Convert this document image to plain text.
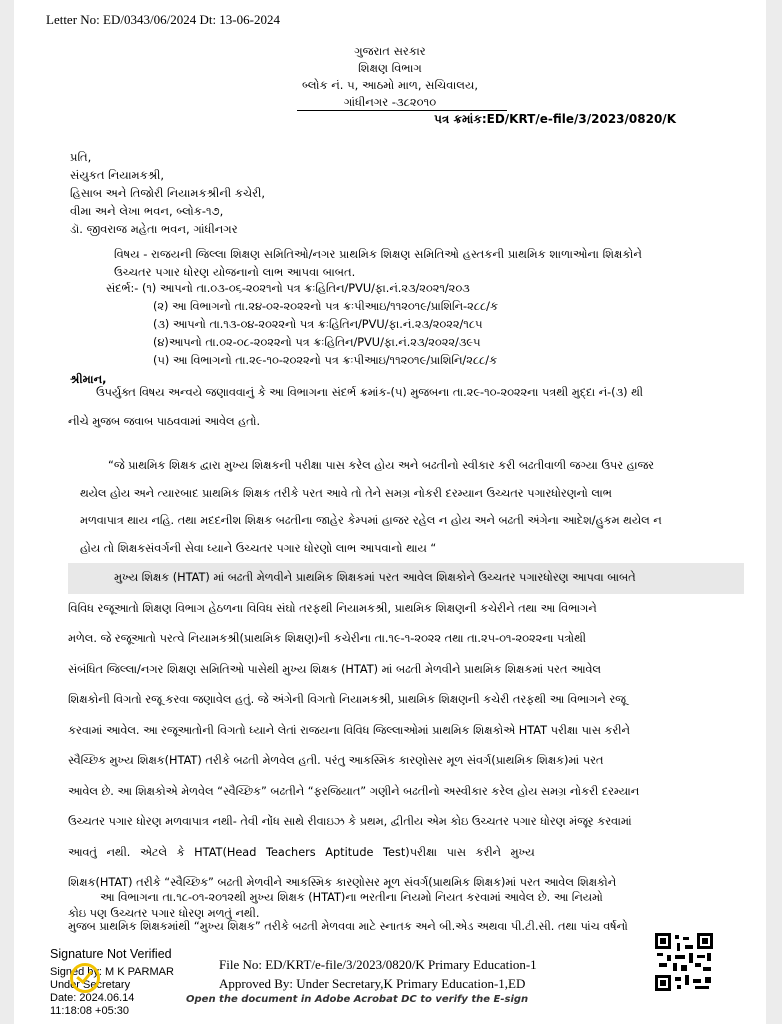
Letter No: ED/0343/06/2024 Dt: 13-06-2024
ગુજરાત સરકાર
શિક્ષણ વિભાગ
બ્લોક નં. ૫, આઠમો માળ, સચિવાલય,
ગાંધીનગર -૩૮૨૦૧૦
પત્ર ક્રમાંક:ED/KRT/e-file/3/2023/0820/K
પ્રતિ,
સંયુકત નિયામકશ્રી,
હિસાબ અને તિજોરી નિયામકશ્રીની કચેરી,
વીમા અને લેખા ભવન, બ્લોક-૧૭,
ડૉ. જીવરાજ મહેતા ભવન, ગાંધીનગર
વિષય - રાજયની જિલ્લા શિક્ષણ સમિતિઓ/નગર પ્રાથમિક શિક્ષણ સમિતિઓ હસ્તકની પ્રાથમિક શાળાઓના શિક્ષકોને
ઉચ્ચતર પગાર ધોરણ યોજનાનો લાભ આપવા બાબત.
સંદર્ભ:- (૧) આપનો તા.૦૩-૦૬-૨૦૨૧નો પત્ર ક્રઃહિતિન/PVU/ફા.નં.૨૩/૨૦૨૧/૨૦૩
(૨) આ વિભાગનો તા.૨૪-૦૨-૨૦૨૨નો પત્ર ક્રઃપીઆઇ/૧૧૨૦૧૯/પ્રાશિનિ-૨૮૮/ક
(૩) આપનો તા.૧૩-૦૪-૨૦૨૨નો પત્ર ક્રઃહિતિન/PVU/ફા.નં.૨૩/૨૦૨૨/૧૮૫
(૪)આપનો તા.૦૨-૦૮-૨૦૨૨નો પત્ર ક્રઃહિતિન/PVU/ફા.નં.૨૩/૨૦૨૨/૩૯૫
(૫) આ વિભાગનો તા.૨૯-૧૦-૨૦૨૨નો પત્ર ક્રઃપીઆઇ/૧૧૨૦૧૯/પ્રાશિનિ/૨૮૮/ક
શ્રીમાન,
ઉપર્યુક્ત વિષય અન્વયે જણાવવાનું કે આ વિભાગના સંદર્ભ ક્રમાંક-(૫) મુજબના તા.૨૯-૧૦-૨૦૨૨ના પત્રથી મુદ્દા નં-(૩) થી
નીચે મુજબ જવાબ પાઠવવામાં આવેલ હતો.
“જે પ્રાથમિક શિક્ષક દ્વારા મુખ્ય શિક્ષકની પરીક્ષા પાસ કરેલ હોય અને બઢતીનો સ્વીકાર કરી બઢતીવાળી જગ્યા ઉપર હાજર
થયેલ હોય અને ત્યારબાદ પ્રાથમિક શિક્ષક તરીકે પરત આવે તો તેને સમગ્ર નોકરી દરમ્યાન ઉચ્ચતર પગારધોરણનો લાભ
મળવાપાત્ર થાય નહિ. તથા મદદનીશ શિક્ષક બઢતીના જાહેર કેમ્પમાં હાજર રહેલ ન હોય અને બઢતી અંગેના આદેશ/હુકમ થયેલ ન
હોય તો શિક્ષકસંવર્ગની સેવા ધ્યાને ઉચ્ચતર પગાર ધોરણો લાભ આપવાનો થાય “
મુખ્ય શિક્ષક (HTAT) માં બઢતી મેળવીને પ્રાથમિક શિક્ષકમાં પરત આવેલ શિક્ષકોને ઉચ્ચતર પગારધોરણ આપવા બાબતે
વિવિધ રજૂઆતો શિક્ષણ વિભાગ હેઠળના વિવિધ સંઘો તરફથી નિયામકશ્રી, પ્રાથમિક શિક્ષણની કચેરીને તથા આ વિભાગને
મળેલ. જે રજૂઆતો પરત્વે નિયામકશ્રી(પ્રાથમિક શિક્ષણ)ની કચેરીના તા.૧૯-૧-૨૦૨૨ તથા તા.૨૫-૦૧-૨૦૨૨ના પત્રોથી
સંબંધિત જિલ્લા/નગર શિક્ષણ સમિતિઓ પાસેથી મુખ્ય શિક્ષક (HTAT) માં બઢતી મેળવીને પ્રાથમિક શિક્ષકમાં પરત આવેલ
શિક્ષકોની વિગતો રજૂ કરવા જણાવેલ હતું. જે અંગેની વિગતો નિયામકશ્રી, પ્રાથમિક શિક્ષણની કચેરી તરફથી આ વિભાગને રજૂ
કરવામાં આવેલ. આ રજૂઆતોની વિગતો ધ્યાને લેતાં રાજયના વિવિધ જિલ્લાઓમાં પ્રાથમિક શિક્ષકોએ HTAT પરીક્ષા પાસ કરીને
સ્વૈચ્છિક મુખ્ય શિક્ષક(HTAT) તરીકે બઢતી મેળવેલ હતી. પરંતુ આકસ્મિક કારણોસર મૂળ સંવર્ગ(પ્રાથમિક શિક્ષક)માં પરત
આવેલ છે. આ શિક્ષકોએ મેળવેલ “સ્વૈચ્છિક” બઢતીને “ફરજિયાત” ગણીને બઢતીનો અસ્વીકાર કરેલ હોય સમગ્ર નોકરી દરમ્યાન
ઉચ્ચતર પગાર ધોરણ મળવાપાત્ર નથી- તેવી નોંધ સાથે રીવાઇઝ કે પ્રથમ, દ્વીતીય એમ કોઇ ઉચ્ચતર પગાર ધોરણ મંજૂર કરવામાં
આવતું નથી. એટલે કે HTAT(Head Teachers Aptitude Test)પરીક્ષા પાસ કરીને મુખ્ય
શિક્ષક(HTAT) તરીકે “સ્વૈચ્છિક” બઢતી મેળવીને આકસ્મિક કારણોસર મૂળ સંવર્ગ(પ્રાથમિક શિક્ષક)માં પરત આવેલ શિક્ષકોને
કોઇ પણ ઉચ્ચતર પગાર ધોરણ મળતું નથી.
આ વિભાગના તા.૧૮-૦૧-૨૦૧૨થી મુખ્ય શિક્ષક (HTAT)ના ભરતીના નિયમો નિયત કરવામાં આવેલ છે. આ નિયમો
મુજબ પ્રાથમિક શિક્ષકમાંથી “મુખ્ય શિક્ષક” તરીકે બઢતી મેળવવા માટે સ્નાતક અને બી.એડ અથવા પી.ટી.સી. તથા પાંચ વર્ષનો
Signature Not Verified
Signed by: M K PARMAR
Under Secretary
Date: 2024.06.14
11:18:08 +05:30
File No: ED/KRT/e-file/3/2023/0820/K Primary Education-1
Approved By: Under Secretary,K Primary Education-1,ED
Open the document in Adobe Acrobat DC to verify the E-sign
